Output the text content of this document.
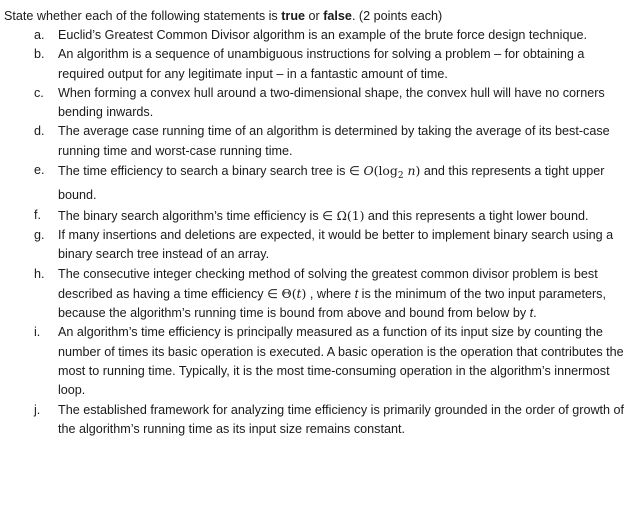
State whether each of the following statements is true or false. (2 points each)

a.	Euclid’s Greatest Common Divisor algorithm is an example of the brute force design technique.
b.	An algorithm is a sequence of unambiguous instructions for solving a problem – for obtaining a required output for any legitimate input – in a fantastic amount of time.
c.	When forming a convex hull around a two-dimensional shape, the convex hull will have no corners bending inwards.
d.	The average case running time of an algorithm is determined by taking the average of its best-case running time and worst-case running time.
e.	The time efficiency to search a binary search tree is ∈ $O(\log_2$ n) and this represents a tight upper bound.
f.	The binary search algorithm’s time efficiency is ∈ Ω(1) and this represents a tight lower bound.
g.	If many insertions and deletions are expected, it would be better to implement binary search using a binary search tree instead of an array.
h.	The consecutive integer checking method of solving the greatest common divisor problem is best described as having a time efficiency ∈ Θ(t) , where t is the minimum of the two input parameters, because the algorithm’s running time is bound from above and bound from below by t.
i.	An algorithm’s time efficiency is principally measured as a function of its input size by counting the number of times its basic operation is executed. A basic operation is the operation that contributes the most to running time. Typically, it is the most time-consuming operation in the algorithm’s innermost loop.
j.	The established framework for analyzing time efficiency is primarily grounded in the order of growth of the algorithm’s running time as its input size remains constant.
